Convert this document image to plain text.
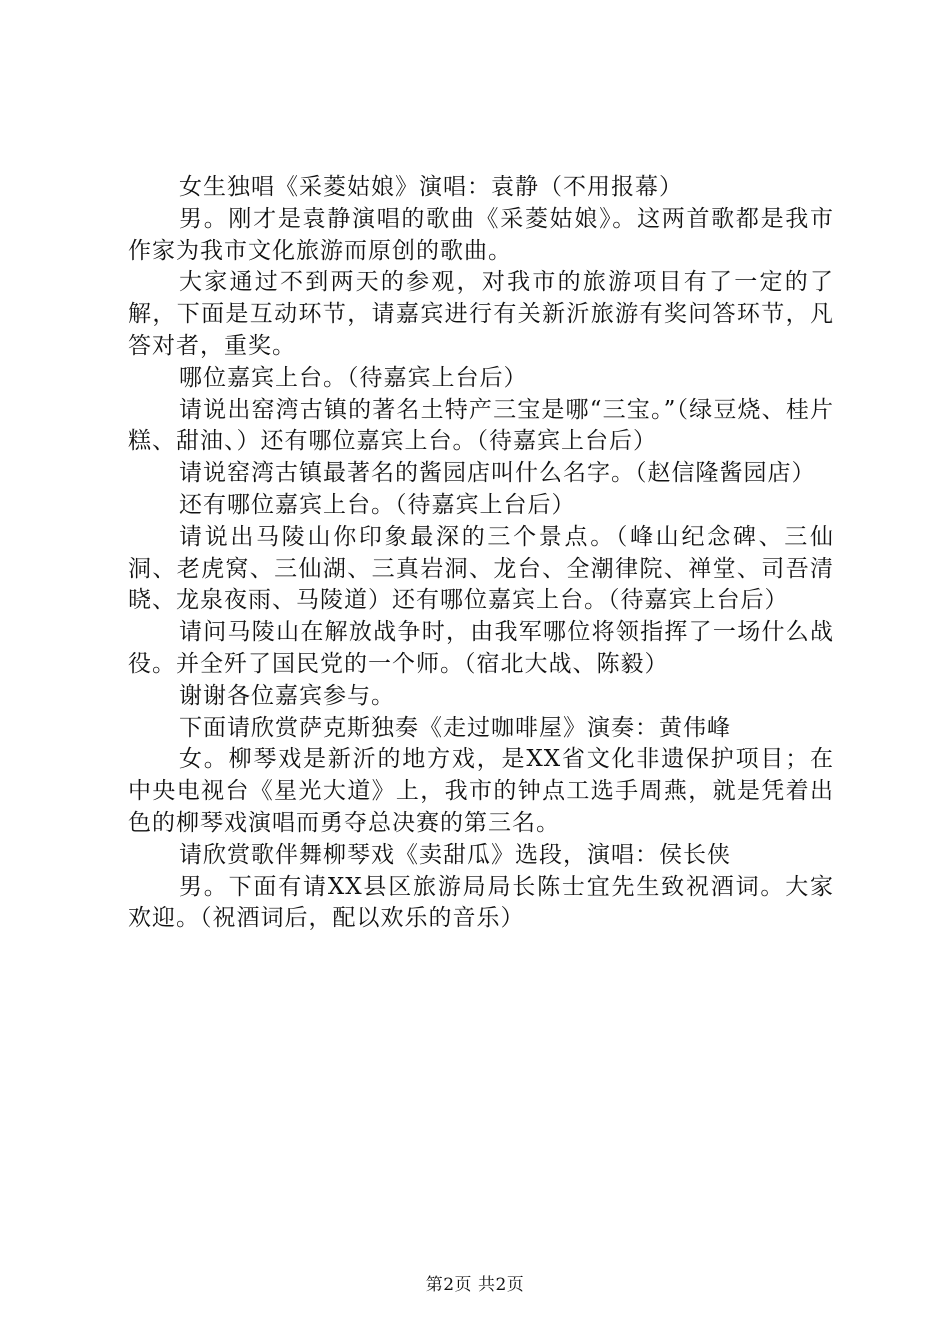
女生独唱《采菱姑娘》演唱：袁静（不用报幕）

男。刚才是袁静演唱的歌曲《采菱姑娘》。这两首歌都是我市作家为我市文化旅游而原创的歌曲。

大家通过不到两天的参观，对我市的旅游项目有了一定的了解，下面是互动环节，请嘉宾进行有关新沂旅游有奖问答环节，凡答对者，重奖。

哪位嘉宾上台。（待嘉宾上台后）

请说出窑湾古镇的著名土特产三宝是哪“三宝。”（绿豆烧、桂片糕、甜油、）还有哪位嘉宾上台。（待嘉宾上台后）

请说窑湾古镇最著名的酱园店叫什么名字。（赵信隆酱园店）

还有哪位嘉宾上台。（待嘉宾上台后）

请说出马陵山你印象最深的三个景点。（峰山纪念碑、三仙洞、老虎窝、三仙湖、三真岩洞、龙台、全潮律院、禅堂、司吾清晓、龙泉夜雨、马陵道）还有哪位嘉宾上台。（待嘉宾上台后）

请问马陵山在解放战争时，由我军哪位将领指挥了一场什么战役。并全歼了国民党的一个师。（宿北大战、陈毅）

谢谢各位嘉宾参与。

下面请欣赏萨克斯独奏《走过咖啡屋》演奏：黄伟峰

女。柳琴戏是新沂的地方戏，是XX省文化非遗保护项目；在中央电视台《星光大道》上，我市的钟点工选手周燕，就是凭着出色的柳琴戏演唱而勇夺总决赛的第三名。

请欣赏歌伴舞柳琴戏《卖甜瓜》选段，演唱：侯长侠

男。下面有请XX县区旅游局局长陈士宜先生致祝酒词。大家欢迎。（祝酒词后，配以欢乐的音乐）

第2页 共2页
